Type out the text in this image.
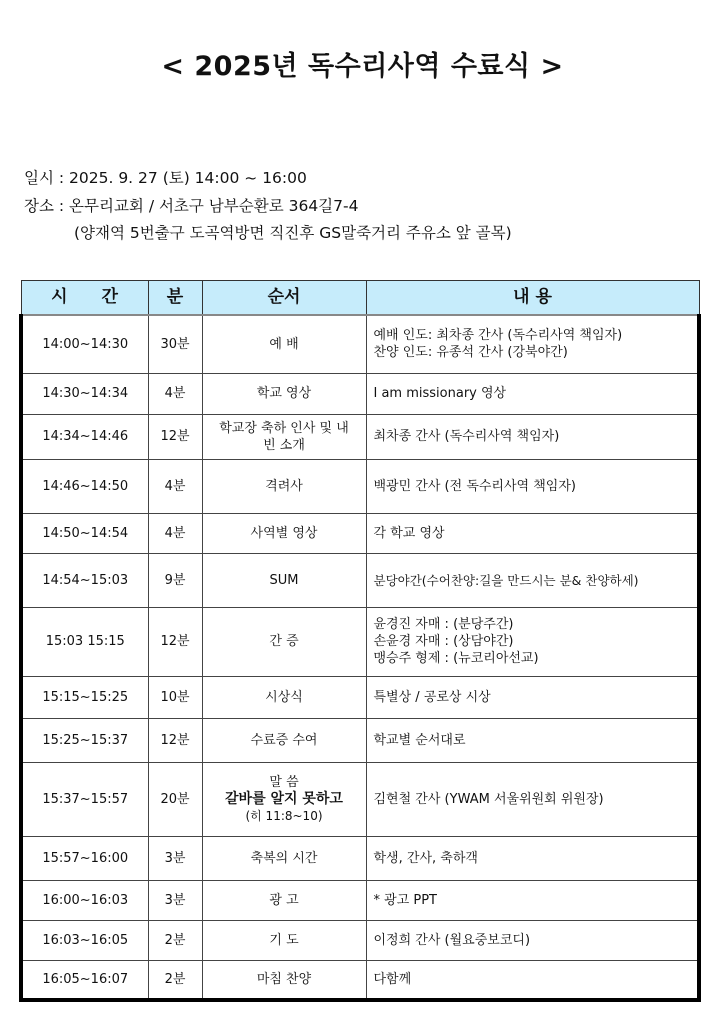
< 2025년 독수리사역 수료식 >
일시 : 2025. 9. 27 (토) 14:00 ~ 16:00
장소 : 온무리교회 / 서초구 남부순환로 364길7-4
(양재역 5번출구 도곡역방면 직진후 GS말죽거리 주유소 앞 골목)
시 간	분	순서	내 용
14:00~14:30	30분	예 배	예배 인도: 최차종 간사 (독수리사역 책임자)
찬양 인도: 유종석 간사 (강북야간)

14:30~14:34	4분	학교 영상	I am missionary 영상

14:34~14:46	12분	학교장 축하 인사 및 내빈 소개	최차종 간사 (독수리사역 책임자)

14:46~14:50	4분	격려사	백광민 간사 (전 독수리사역 책임자)

14:50~14:54	4분	사역별 영상	각 학교 영상

14:54~15:03	9분	SUM	분당야간(수어찬양:길을 만드시는 분& 찬양하세)

15:03 15:15	12분	간 증	윤경진 자매 : (분당주간)
손윤경 자매 : (상담야간)
맹승주 형제 : (뉴코리아선교)

15:15~15:25	10분	시상식	특별상 / 공로상 시상

15:25~15:37	12분	수료증 수여	학교별 순서대로

15:37~15:57	20분	말 씀
갈바를 알지 못하고
(히 11:8~10)	김현철 간사 (YWAM 서울위원회 위원장)

15:57~16:00	3분	축복의 시간	학생, 간사, 축하객

16:00~16:03	3분	광 고	* 광고 PPT

16:03~16:05	2분	기 도	이정희 간사 (월요중보코디)

16:05~16:07	2분	마침 찬양	다함께
